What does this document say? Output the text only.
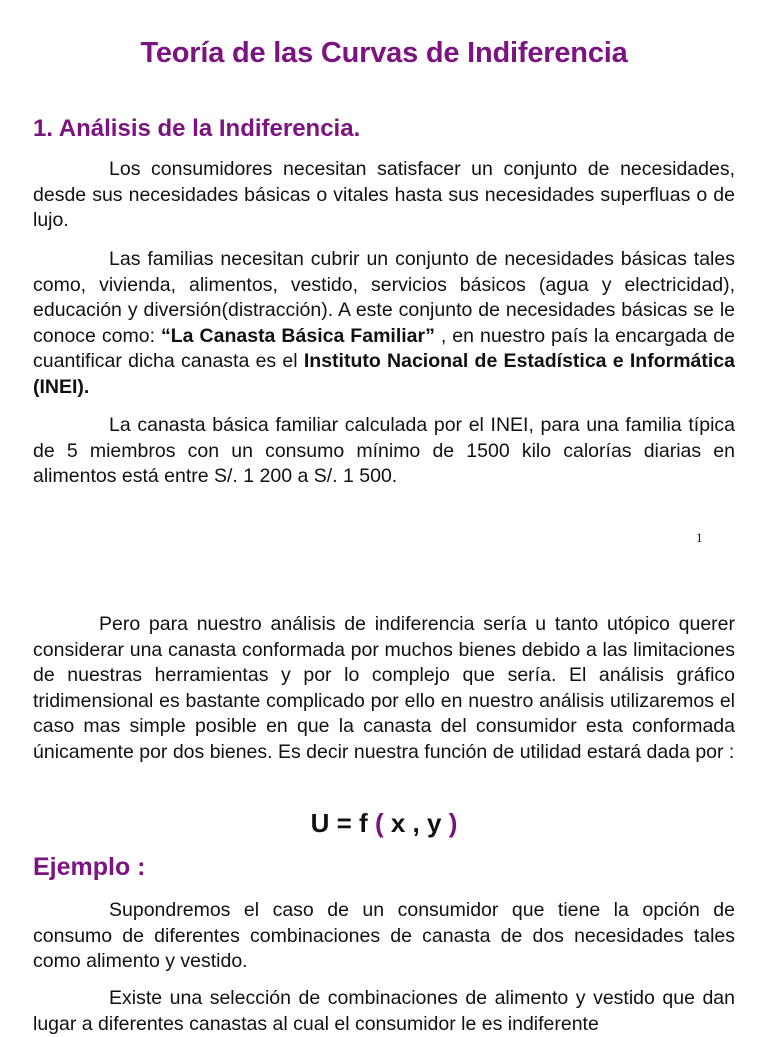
Teoría de las Curvas de Indiferencia
1. Análisis de la Indiferencia.

Los consumidores necesitan satisfacer un conjunto de necesidades, desde sus necesidades básicas o vitales hasta sus necesidades superfluas o de lujo.

Las familias necesitan cubrir un conjunto de necesidades básicas tales como, vivienda, alimentos, vestido, servicios básicos (agua y electricidad), educación y diversión(distracción). A este conjunto de necesidades básicas se le conoce como: “La Canasta Básica Familiar” , en nuestro país la encargada de cuantificar dicha canasta es el Instituto Nacional de Estadística e Informática (INEI).

La canasta básica familiar calculada por el INEI, para una familia típica de 5 miembros con un consumo mínimo de 1500 kilo calorías diarias en alimentos está entre S/. 1 200 a S/. 1 500.

1

Pero para nuestro análisis de indiferencia sería u tanto utópico querer considerar una canasta conformada por muchos bienes debido a las limitaciones de nuestras herramientas y por lo complejo que sería. El análisis gráfico tridimensional es bastante complicado por ello en nuestro análisis utilizaremos el caso mas simple posible en que la canasta del consumidor esta conformada únicamente por dos bienes. Es decir nuestra función de utilidad estará dada por :

U = f ( x , y )
Ejemplo :

Supondremos el caso de un consumidor que tiene la opción de consumo de diferentes combinaciones de canasta de dos necesidades tales como alimento y vestido.

Existe una selección de combinaciones de alimento y vestido que dan lugar a diferentes canastas al cual el consumidor le es indiferente
